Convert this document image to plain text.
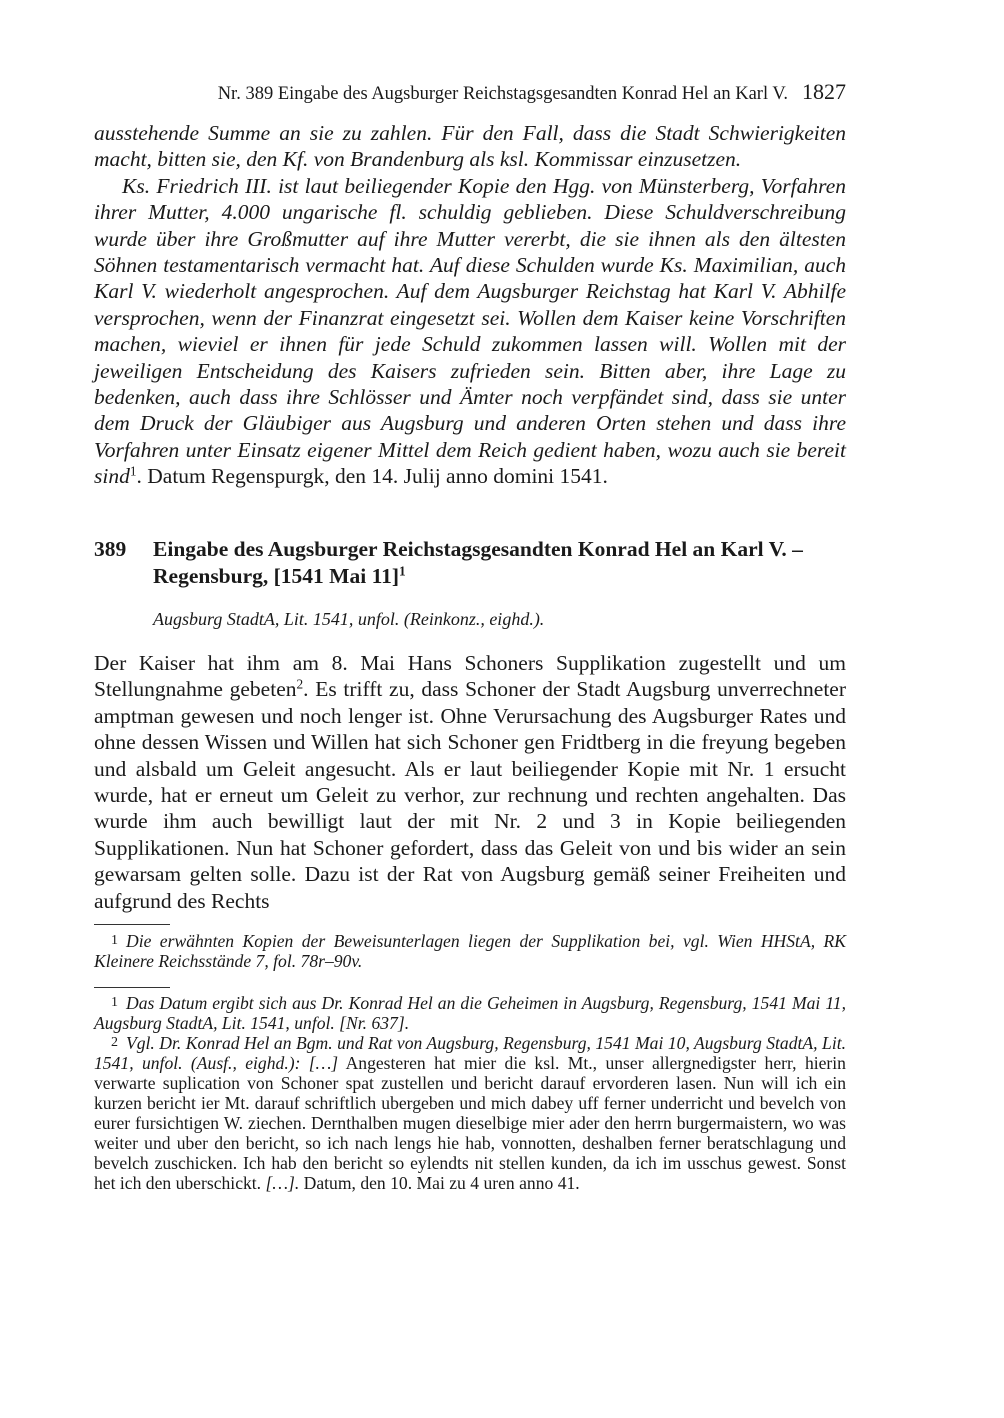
Nr. 389 Eingabe des Augsburger Reichstagsgesandten Konrad Hel an Karl V. 1827

ausstehende Summe an sie zu zahlen. Für den Fall, dass die Stadt Schwierigkeiten macht, bitten sie, den Kf. von Brandenburg als ksl. Kommissar einzusetzen.

Ks. Friedrich III. ist laut beiliegender Kopie den Hgg. von Münsterberg, Vorfahren ihrer Mutter, 4.000 ungarische fl. schuldig geblieben. Diese Schuldverschreibung wurde über ihre Großmutter auf ihre Mutter vererbt, die sie ihnen als den ältesten Söhnen testamentarisch vermacht hat. Auf diese Schulden wurde Ks. Maximilian, auch Karl V. wiederholt angesprochen. Auf dem Augsburger Reichstag hat Karl V. Abhilfe versprochen, wenn der Finanzrat eingesetzt sei. Wollen dem Kaiser keine Vorschriften machen, wieviel er ihnen für jede Schuld zukommen lassen will. Wollen mit der jeweiligen Entscheidung des Kaisers zufrieden sein. Bitten aber, ihre Lage zu bedenken, auch dass ihre Schlösser und Ämter noch verpfändet sind, dass sie unter dem Druck der Gläubiger aus Augsburg und anderen Orten stehen und dass ihre Vorfahren unter Einsatz eigener Mittel dem Reich gedient haben, wozu auch sie bereit sind$^1$. Datum Regenspurgk, den 14. Julij anno domini 1541.

389	Eingabe des Augsburger Reichstagsgesandten Konrad Hel an Karl V. – Regensburg, [1541 Mai 11]$^1$
Augsburg StadtA, Lit. 1541, unfol. (Reinkonz., eighd.).
Der Kaiser hat ihm am 8. Mai Hans Schoners Supplikation zugestellt und um Stellungnahme gebeten$^2$. Es trifft zu, dass Schoner der Stadt Augsburg unverrechneter amptman gewesen und noch lenger ist. Ohne Verursachung des Augsburger Rates und ohne dessen Wissen und Willen hat sich Schoner gen Fridtberg in die freyung begeben und alsbald um Geleit angesucht. Als er laut beiliegender Kopie mit Nr. 1 ersucht wurde, hat er erneut um Geleit zu verhor, zur rechnung und rechten angehalten. Das wurde ihm auch bewilligt laut der mit Nr. 2 und 3 in Kopie beiliegenden Supplikationen. Nun hat Schoner gefordert, dass das Geleit von und bis wider an sein gewarsam gelten solle. Dazu ist der Rat von Augsburg gemäß seiner Freiheiten und aufgrund des Rechts

1 Die erwähnten Kopien der Beweisunterlagen liegen der Supplikation bei, vgl. Wien HHStA, RK Kleinere Reichsstände 7, fol. 78r–90v.

1 Das Datum ergibt sich aus Dr. Konrad Hel an die Geheimen in Augsburg, Regensburg, 1541 Mai 11, Augsburg StadtA, Lit. 1541, unfol. [Nr. 637].

2 Vgl. Dr. Konrad Hel an Bgm. und Rat von Augsburg, Regensburg, 1541 Mai 10, Augsburg StadtA, Lit. 1541, unfol. (Ausf., eighd.): […] Angesteren hat mier die ksl. Mt., unser allergnedigster herr, hierin verwarte suplication von Schoner spat zustellen und bericht darauf ervorderen lasen. Nun will ich ein kurzen bericht ier Mt. darauf schriftlich ubergeben und mich dabey uff ferner underricht und bevelch von eurer fursichtigen W. ziechen. Dernthalben mugen dieselbige mier ader den herrn burgermaistern, wo was weiter und uber den bericht, so ich nach lengs hie hab, vonnotten, deshalben ferner beratschlagung und bevelch zuschicken. Ich hab den bericht so eylendts nit stellen kunden, da ich im usschus gewest. Sonst het ich den uberschickt. […]. Datum, den 10. Mai zu 4 uren anno 41.
